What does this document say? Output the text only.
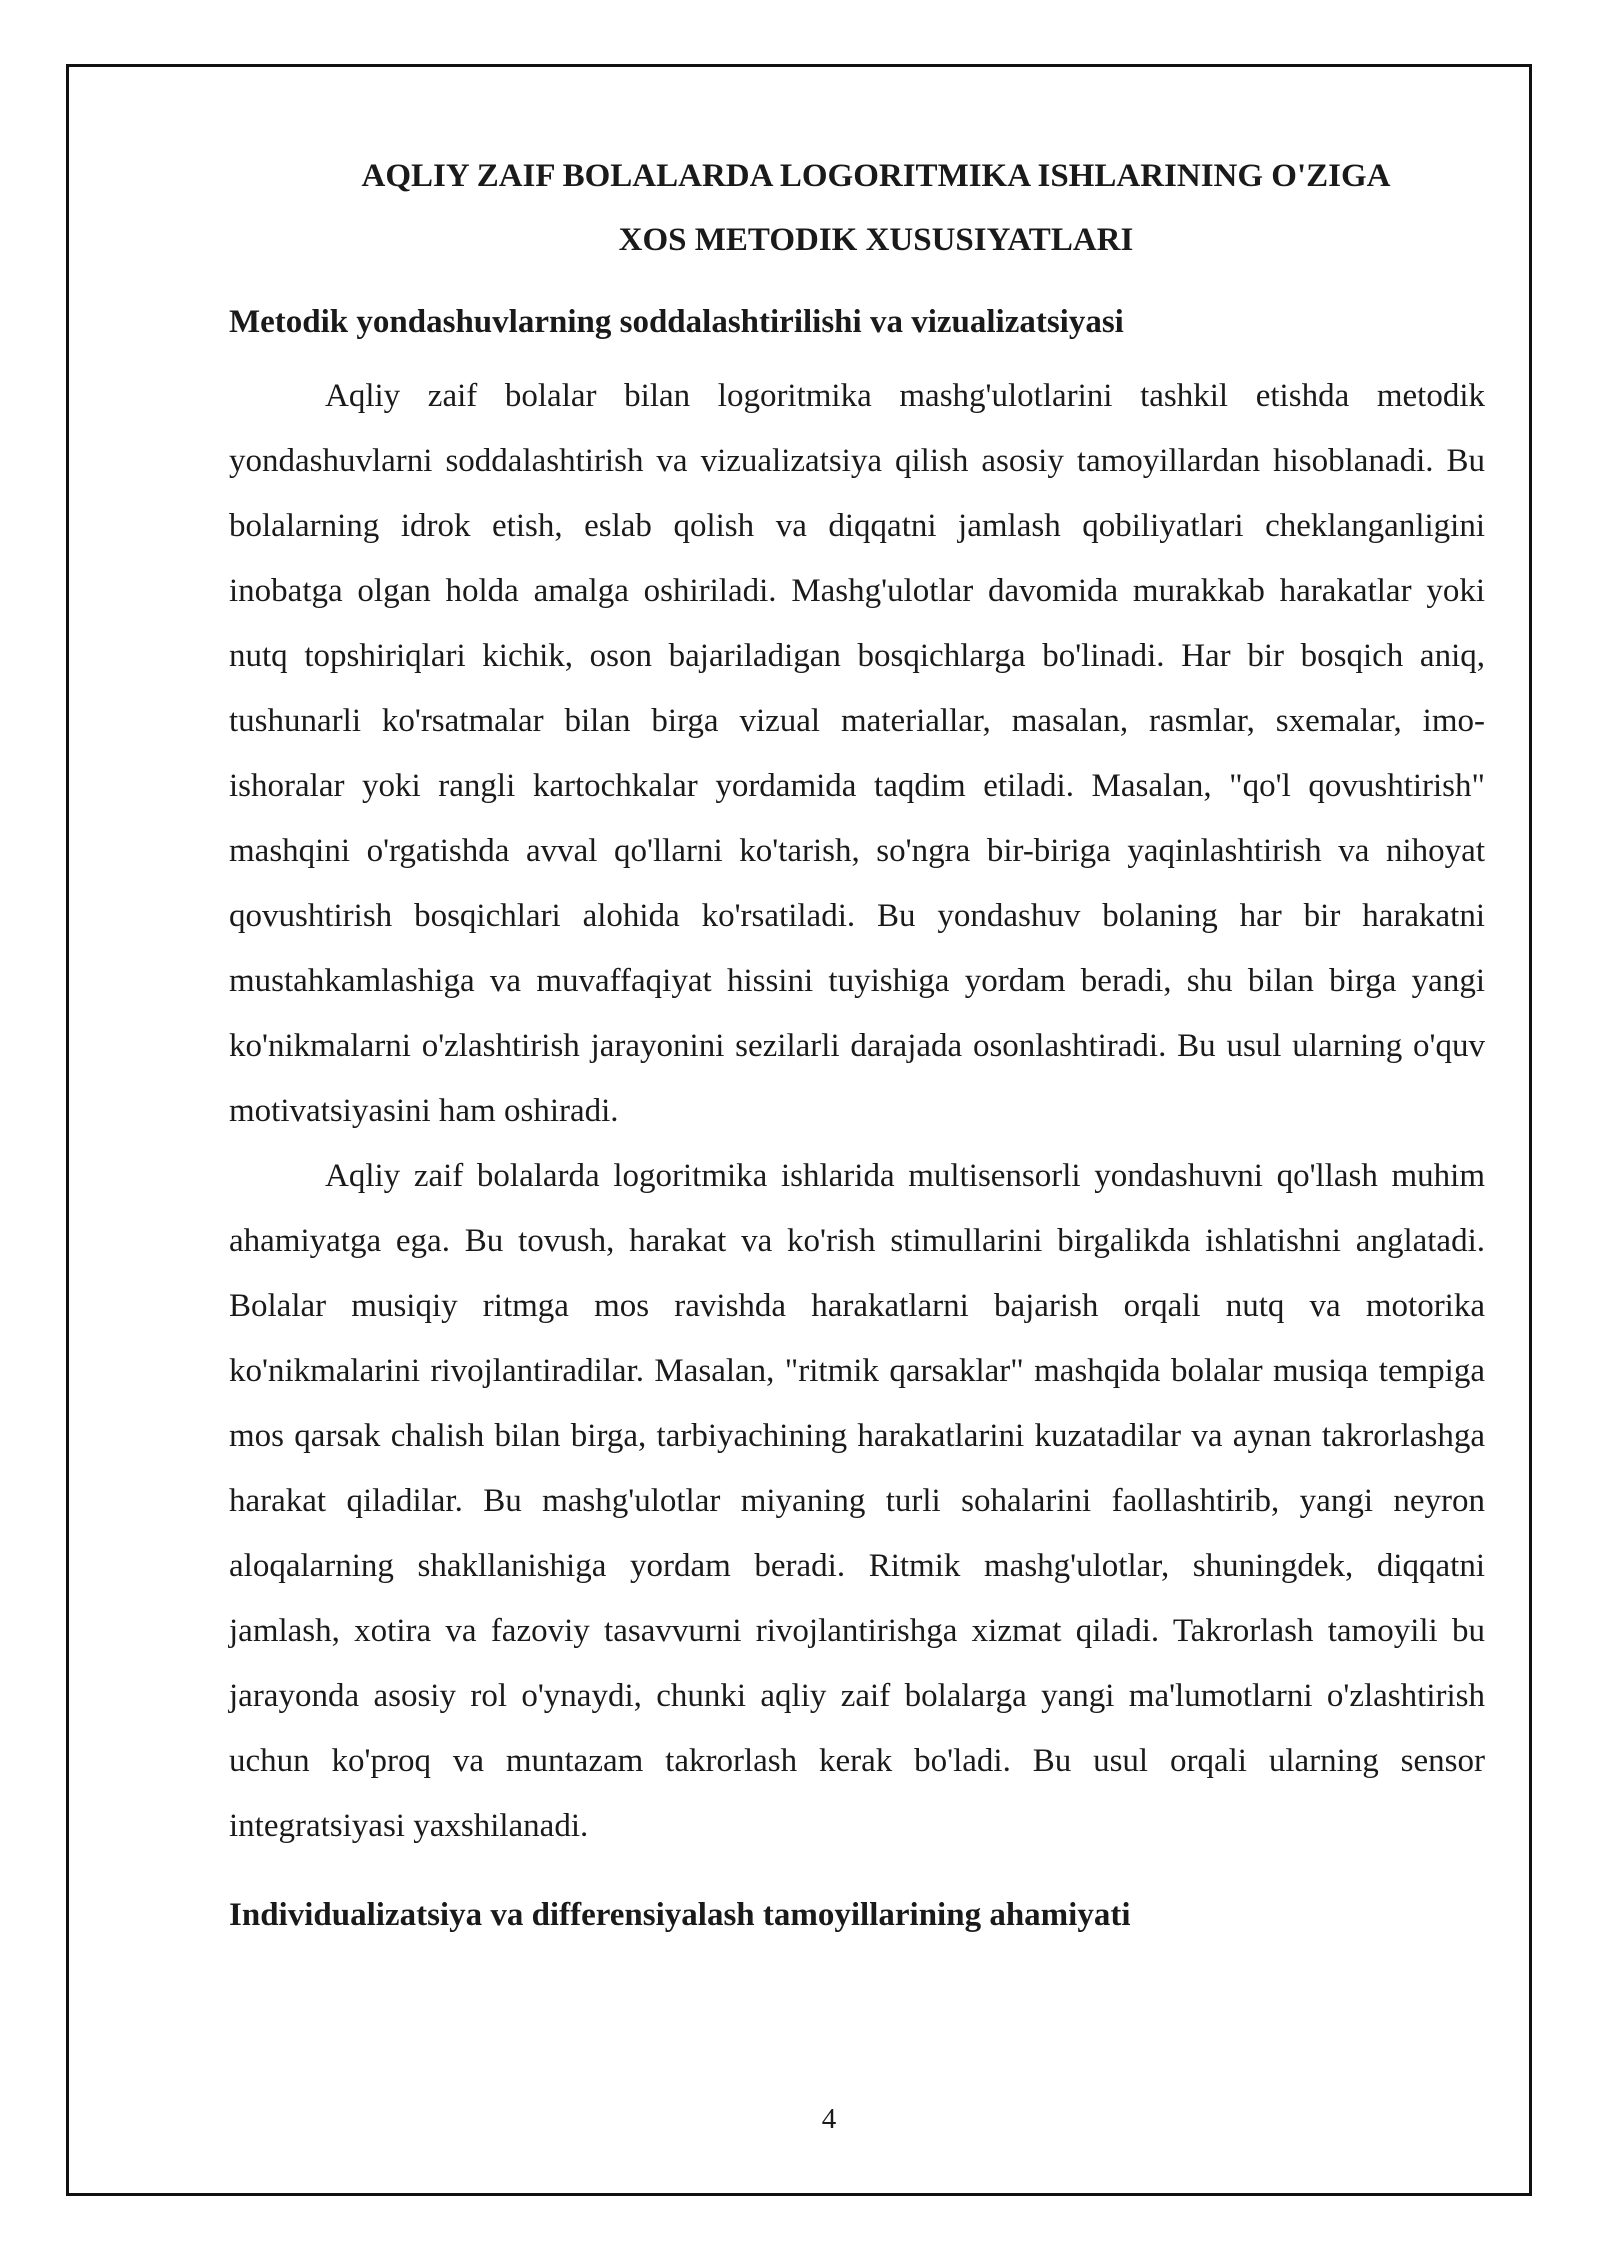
AQLIY ZAIF BOLALARDA LOGORITMIKA ISHLARINING O'ZIGA
XOS METODIK XUSUSIYATLARI
Metodik yondashuvlarning soddalashtirilishi va vizualizatsiyasi

Aqliy zaif bolalar bilan logoritmika mashg'ulotlarini tashkil etishda metodik yondashuvlarni soddalashtirish va vizualizatsiya qilish asosiy tamoyillardan hisoblanadi. Bu bolalarning idrok etish, eslab qolish va diqqatni jamlash qobiliyatlari cheklanganligini inobatga olgan holda amalga oshiriladi. Mashg'ulotlar davomida murakkab harakatlar yoki nutq topshiriqlari kichik, oson bajariladigan bosqichlarga bo'linadi. Har bir bosqich aniq, tushunarli ko'rsatmalar bilan birga vizual materiallar, masalan, rasmlar, sxemalar, imo-ishoralar yoki rangli kartochkalar yordamida taqdim etiladi. Masalan, "qo'l qovushtirish" mashqini o'rgatishda avval qo'llarni ko'tarish, so'ngra bir-biriga yaqinlashtirish va nihoyat qovushtirish bosqichlari alohida ko'rsatiladi. Bu yondashuv bolaning har bir harakatni mustahkamlashiga va muvaffaqiyat hissini tuyishiga yordam beradi, shu bilan birga yangi ko'nikmalarni o'zlashtirish jarayonini sezilarli darajada osonlashtiradi. Bu usul ularning o'quv motivatsiyasini ham oshiradi.

Aqliy zaif bolalarda logoritmika ishlarida multisensorli yondashuvni qo'llash muhim ahamiyatga ega. Bu tovush, harakat va ko'rish stimullarini birgalikda ishlatishni anglatadi. Bolalar musiqiy ritmga mos ravishda harakatlarni bajarish orqali nutq va motorika ko'nikmalarini rivojlantiradilar. Masalan, "ritmik qarsaklar" mashqida bolalar musiqa tempiga mos qarsak chalish bilan birga, tarbiyachining harakatlarini kuzatadilar va aynan takrorlashga harakat qiladilar. Bu mashg'ulotlar miyaning turli sohalarini faollashtirib, yangi neyron aloqalarning shakllanishiga yordam beradi. Ritmik mashg'ulotlar, shuningdek, diqqatni jamlash, xotira va fazoviy tasavvurni rivojlantirishga xizmat qiladi. Takrorlash tamoyili bu jarayonda asosiy rol o'ynaydi, chunki aqliy zaif bolalarga yangi ma'lumotlarni o'zlashtirish uchun ko'proq va muntazam takrorlash kerak bo'ladi. Bu usul orqali ularning sensor integratsiyasi yaxshilanadi.

Individualizatsiya va differensiyalash tamoyillarining ahamiyati
4
